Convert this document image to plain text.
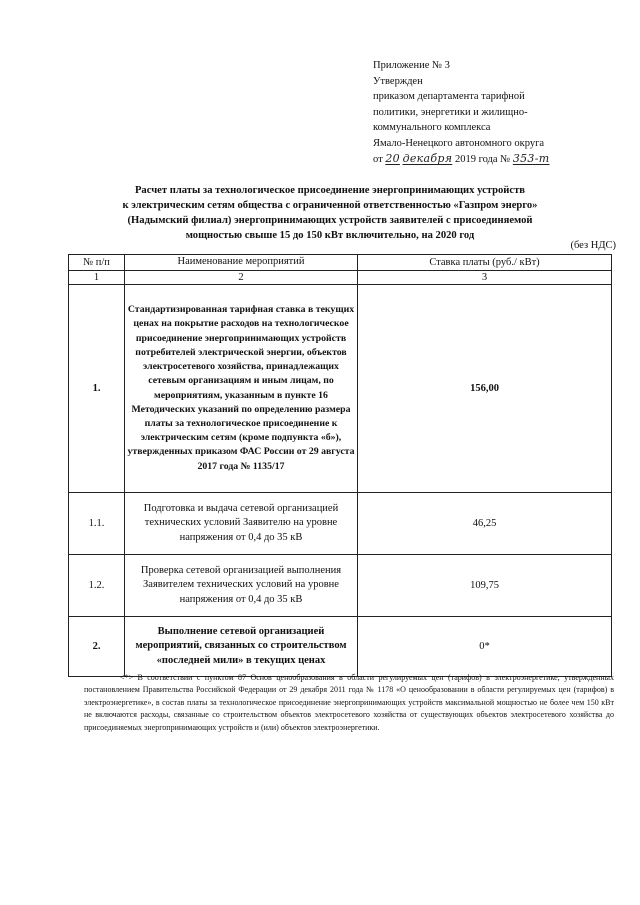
Приложение № 3
Утвержден
приказом департамента тарифной
политики, энергетики и жилищно-
коммунального комплекса
Ямало-Ненецкого автономного округа
от 20 декабря 2019 года № 353-т
Расчет платы за технологическое присоединение энергопринимающих устройств
к электрическим сетям общества с ограниченной ответственностью «Газпром энерго»
(Надымский филиал) энергопринимающих устройств заявителей с присоединяемой
мощностью свыше 15 до 150 кВт включительно, на 2020 год
(без НДС)
№ п/п	Наименование мероприятий	Ставка платы (руб./ кВт)
1	2	3
1.	Стандартизированная тарифная ставка в текущих ценах на покрытие расходов на технологическое присоединение энергопринимающих устройств потребителей электрической энергии, объектов электросетевого хозяйства, принадлежащих сетевым организациям и иным лицам, по мероприятиям, указанным в пункте 16 Методических указаний по определению размера платы за технологическое присоединение к электрическим сетям (кроме подпункта «б»), утвержденных приказом ФАС России от 29 августа 2017 года № 1135/17	156,00
1.1.	Подготовка и выдача сетевой организацией технических условий Заявителю на уровне напряжения от 0,4 до 35 кВ	46,25
1.2.	Проверка сетевой организацией выполнения Заявителем технических условий на уровне напряжения от 0,4 до 35 кВ	109,75
2.	Выполнение сетевой организацией мероприятий, связанных со строительством «последней мили» в текущих ценах	0*
<*> В соответствии с пунктом 87 Основ ценообразования в области регулируемых цен (тарифов) в электроэнергетике, утвержденных постановлением Правительства Российской Федерации от 29 декабря 2011 года № 1178 «О ценообразовании в области регулируемых цен (тарифов) в электроэнергетике», в состав платы за технологическое присоединение энергопринимающих устройств максимальной мощностью не более чем 150 кВт не включаются расходы, связанные со строительством объектов электросетевого хозяйства от существующих объектов электросетевого хозяйства до присоединяемых энергопринимающих устройств и (или) объектов электроэнергетики.
